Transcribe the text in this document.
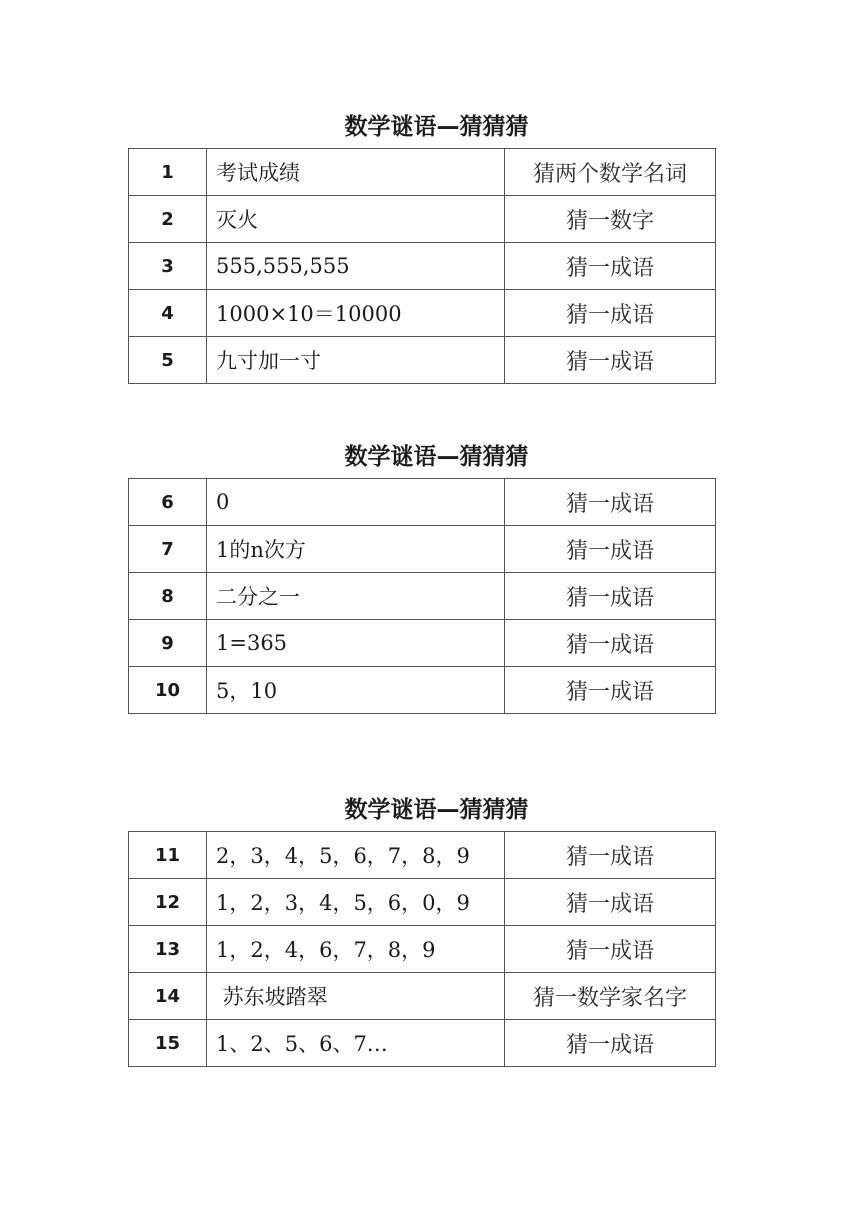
数学谜语—猜猜猜
1	考试成绩	猜两个数学名词
2	灭火	猜一数字
3	555,555,555	猜一成语
4	1000×10＝10000	猜一成语
5	九寸加一寸	猜一成语
数学谜语—猜猜猜
6	0	猜一成语
7	1的n次方	猜一成语
8	二分之一	猜一成语
9	1=365	猜一成语
10	5，10	猜一成语
数学谜语—猜猜猜
11	2，3，4，5，6，7，8，9	猜一成语
12	1，2，3，4，5，6，0，9	猜一成语
13	1，2，4，6，7，8，9	猜一成语
14	苏东坡踏翠	猜一数学家名字
15	1、2、5、6、7…	猜一成语
